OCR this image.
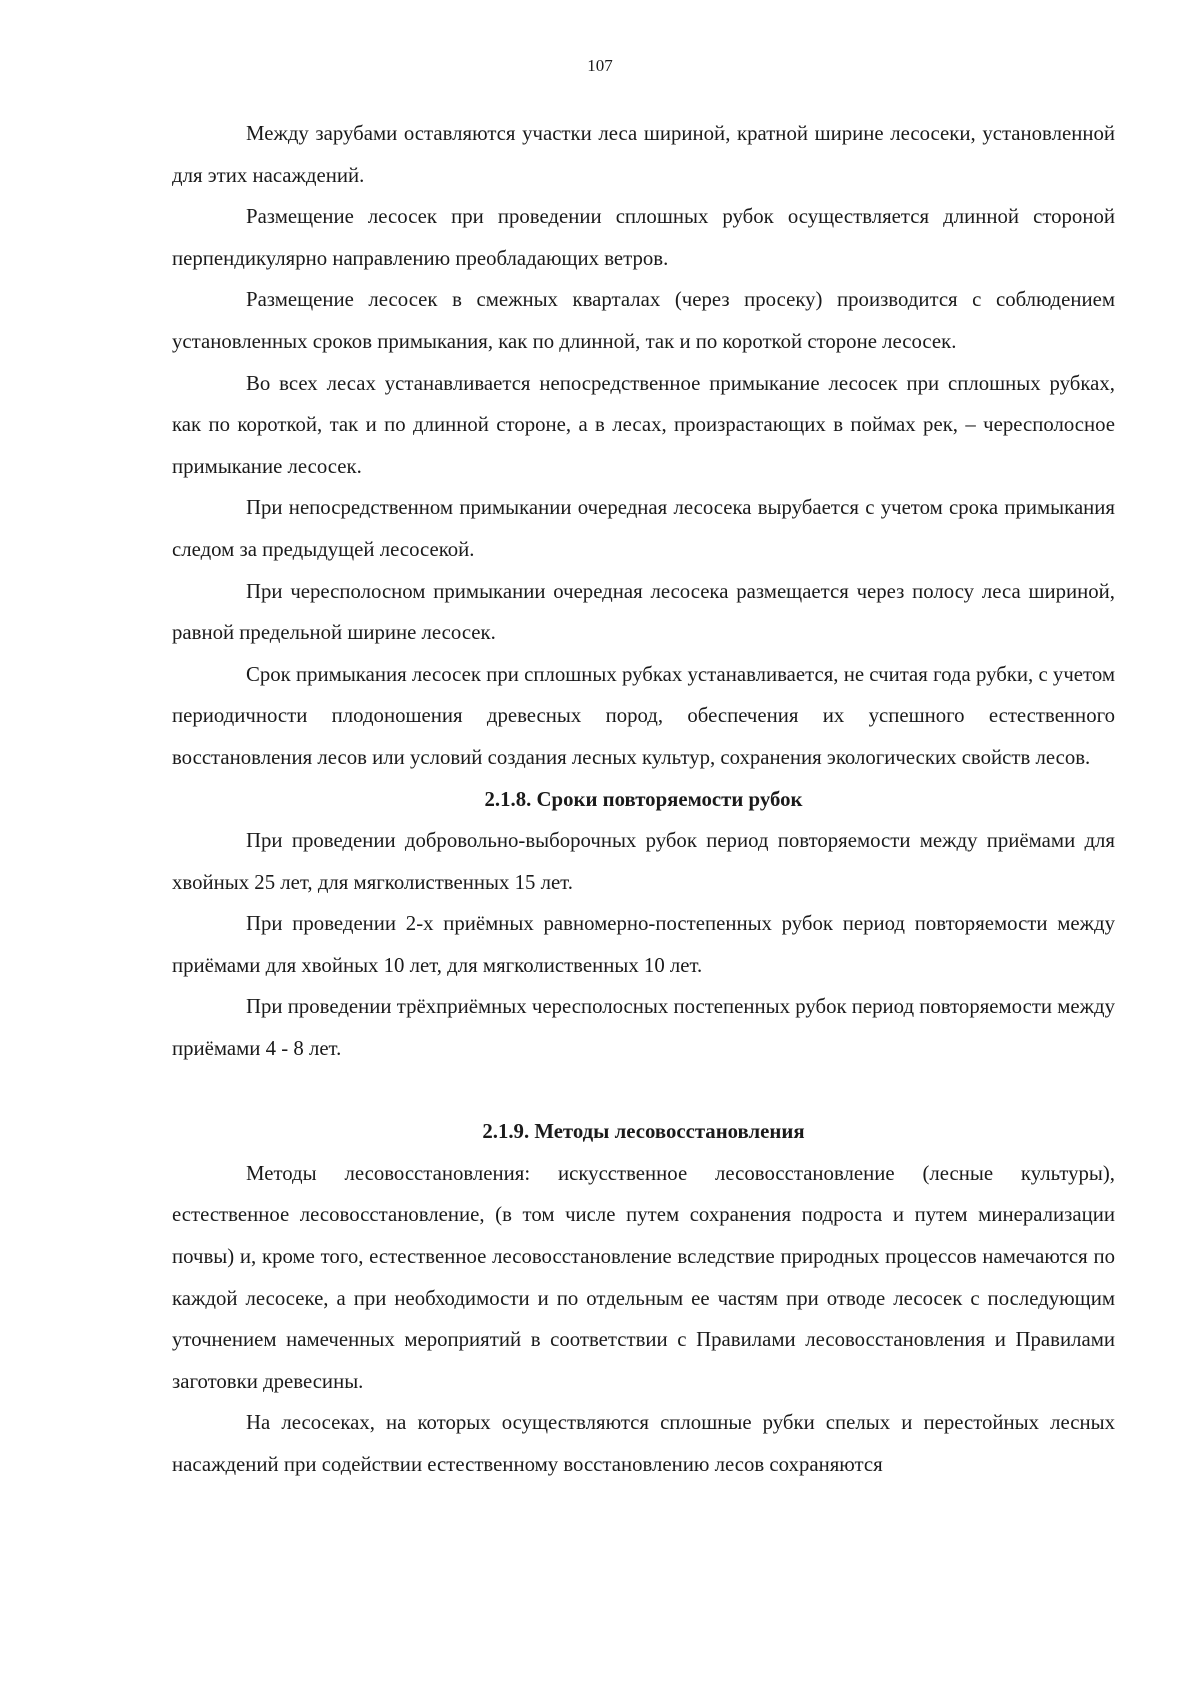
107

Между зарубами оставляются участки леса шириной, кратной ширине лесосеки, установленной для этих насаждений.

Размещение лесосек при проведении сплошных рубок осуществляется длинной стороной перпендикулярно направлению преобладающих ветров.

Размещение лесосек в смежных кварталах (через просеку) производится с соблюдением установленных сроков примыкания, как по длинной, так и по короткой стороне лесосек.

Во всех лесах устанавливается непосредственное примыкание лесосек при сплошных рубках, как по короткой, так и по длинной стороне, а в лесах, произрастающих в поймах рек, – чересполосное примыкание лесосек.

При непосредственном примыкании очередная лесосека вырубается с учетом срока примыкания следом за предыдущей лесосекой.

При чересполосном примыкании очередная лесосека размещается через полосу леса шириной, равной предельной ширине лесосек.

Срок примыкания лесосек при сплошных рубках устанавливается, не считая года рубки, с учетом периодичности плодоношения древесных пород, обеспечения их успешного естественного восстановления лесов или условий создания лесных культур, сохранения экологических свойств лесов.

2.1.8. Сроки повторяемости рубок

При проведении добровольно-выборочных рубок период повторяемости между приёмами для хвойных 25 лет, для мягколиственных 15 лет.

При проведении 2-х приёмных равномерно-постепенных рубок период повторяемости между приёмами для хвойных 10 лет, для мягколиственных 10 лет.

При проведении трёхприёмных чересполосных постепенных рубок период повторяемости между приёмами 4 - 8 лет.

2.1.9. Методы лесовосстановления

Методы лесовосстановления: искусственное лесовосстановление (лесные культуры), естественное лесовосстановление, (в том числе путем сохранения подроста и путем минерализации почвы) и, кроме того, естественное лесовосстановление вследствие природных процессов намечаются по каждой лесосеке, а при необходимости и по отдельным ее частям при отводе лесосек с последующим уточнением намеченных мероприятий в соответствии с Правилами лесовосстановления и Правилами заготовки древесины.

На лесосеках, на которых осуществляются сплошные рубки спелых и перестойных лесных насаждений при содействии естественному восстановлению лесов сохраняются
